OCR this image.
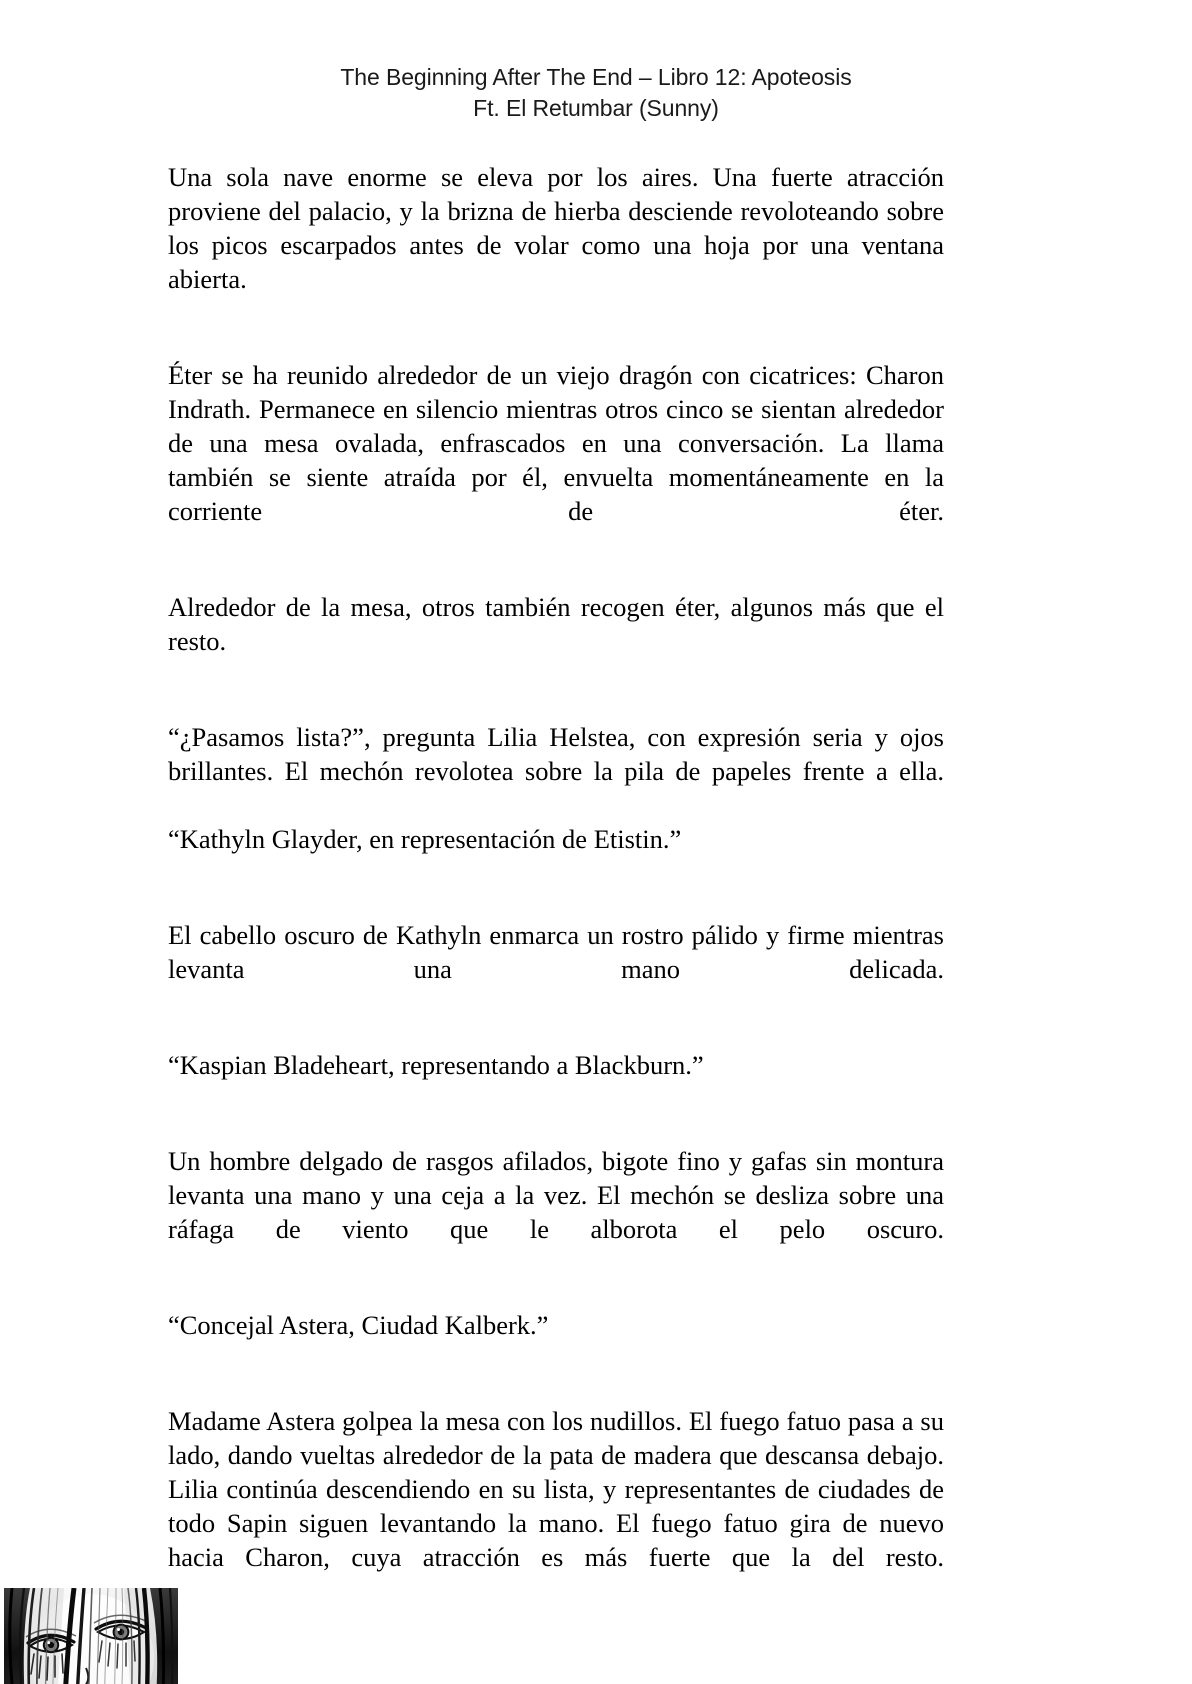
The Beginning After The End – Libro 12: Apoteosis
Ft. El Retumbar (Sunny)

Una sola nave enorme se eleva por los aires. Una fuerte atracción proviene del palacio, y la brizna de hierba desciende revoloteando sobre los picos escarpados antes de volar como una hoja por una ventana abierta.

Éter se ha reunido alrededor de un viejo dragón con cicatrices: Charon Indrath. Permanece en silencio mientras otros cinco se sientan alrededor de una mesa ovalada, enfrascados en una conversación. La llama también se siente atraída por él, envuelta momentáneamente en la corriente de éter.

Alrededor de la mesa, otros también recogen éter, algunos más que el resto.

“¿Pasamos lista?”, pregunta Lilia Helstea, con expresión seria y ojos brillantes. El mechón revolotea sobre la pila de papeles frente a ella.

“Kathyln Glayder, en representación de Etistin.”

El cabello oscuro de Kathyln enmarca un rostro pálido y firme mientras levanta una mano delicada.

“Kaspian Bladeheart, representando a Blackburn.”

Un hombre delgado de rasgos afilados, bigote fino y gafas sin montura levanta una mano y una ceja a la vez. El mechón se desliza sobre una ráfaga de viento que le alborota el pelo oscuro.

“Concejal Astera, Ciudad Kalberk.”

Madame Astera golpea la mesa con los nudillos. El fuego fatuo pasa a su lado, dando vueltas alrededor de la pata de madera que descansa debajo. Lilia continúa descendiendo en su lista, y representantes de ciudades de todo Sapin siguen levantando la mano. El fuego fatuo gira de nuevo hacia Charon, cuya atracción es más fuerte que la del resto.
